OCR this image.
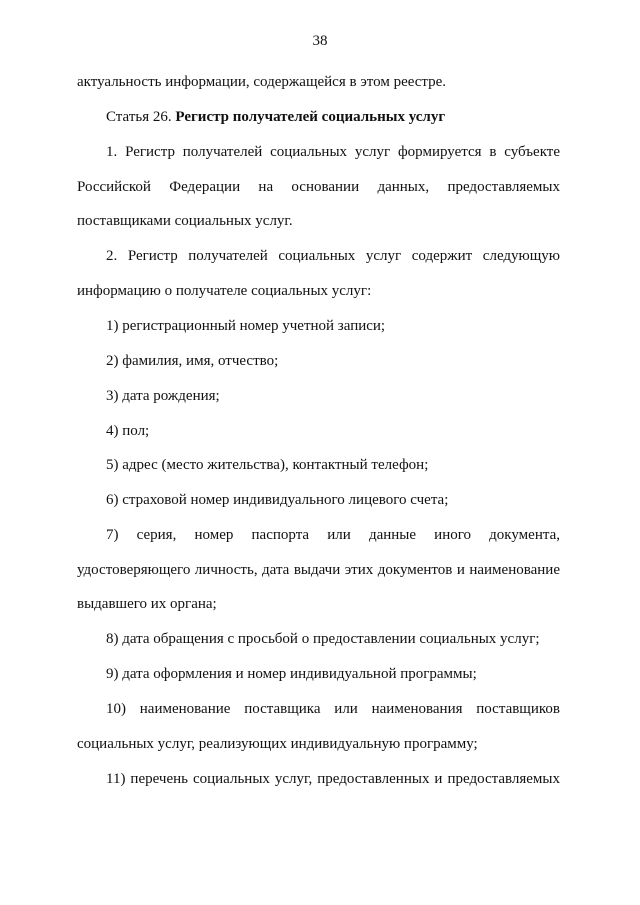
38
актуальность информации, содержащейся в этом реестре.
Статья 26. Регистр получателей социальных услуг
1. Регистр получателей социальных услуг формируется в субъекте
Российской Федерации на основании данных, предоставляемых
поставщиками социальных услуг.
2. Регистр получателей социальных услуг содержит следующую
информацию о получателе социальных услуг:
1) регистрационный номер учетной записи;
2) фамилия, имя, отчество;
3) дата рождения;
4) пол;
5) адрес (место жительства), контактный телефон;
6) страховой номер индивидуального лицевого счета;
7) серия, номер паспорта или данные иного документа,
удостоверяющего личность, дата выдачи этих документов и наименование
выдавшего их органа;
8) дата обращения с просьбой о предоставлении социальных услуг;
9) дата оформления и номер индивидуальной программы;
10) наименование поставщика или наименования поставщиков
социальных услуг, реализующих индивидуальную программу;
11) перечень социальных услуг, предоставленных и предоставляемых
